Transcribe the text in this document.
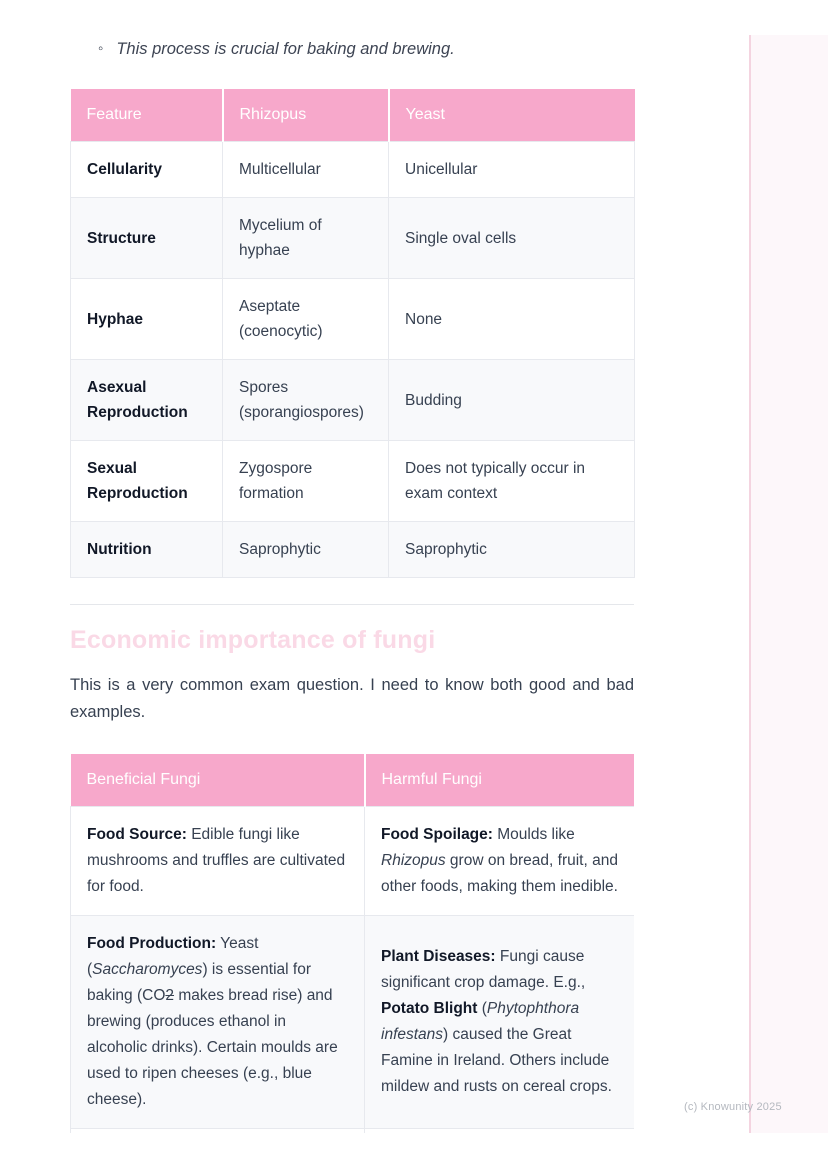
◦ This process is crucial for baking and brewing.
Feature	Rhizopus	Yeast
Cellularity	Multicellular	Unicellular
Structure	Mycelium of hyphae	Single oval cells
Hyphae	Aseptate (coenocytic)	None
Asexual Reproduction	Spores (sporangiospores)	Budding
Sexual Reproduction	Zygospore formation	Does not typically occur in exam context
Nutrition	Saprophytic	Saprophytic
Economic importance of fungi
This is a very common exam question. I need to know both good and bad examples.
Beneficial Fungi	Harmful Fungi
Food Source: Edible fungi like mushrooms and truffles are cultivated for food.	Food Spoilage: Moulds like Rhizopus grow on bread, fruit, and other foods, making them inedible.
Food Production: Yeast (Saccharomyces) is essential for baking (CO2 makes bread rise) and brewing (produces ethanol in alcoholic drinks). Certain moulds are used to ripen cheeses (e.g., blue cheese).	Plant Diseases: Fungi cause significant crop damage. E.g., Potato Blight (Phytophthora infestans) caused the Great Famine in Ireland. Others include mildew and rusts on cereal crops.

(c) Knowunity 2025
